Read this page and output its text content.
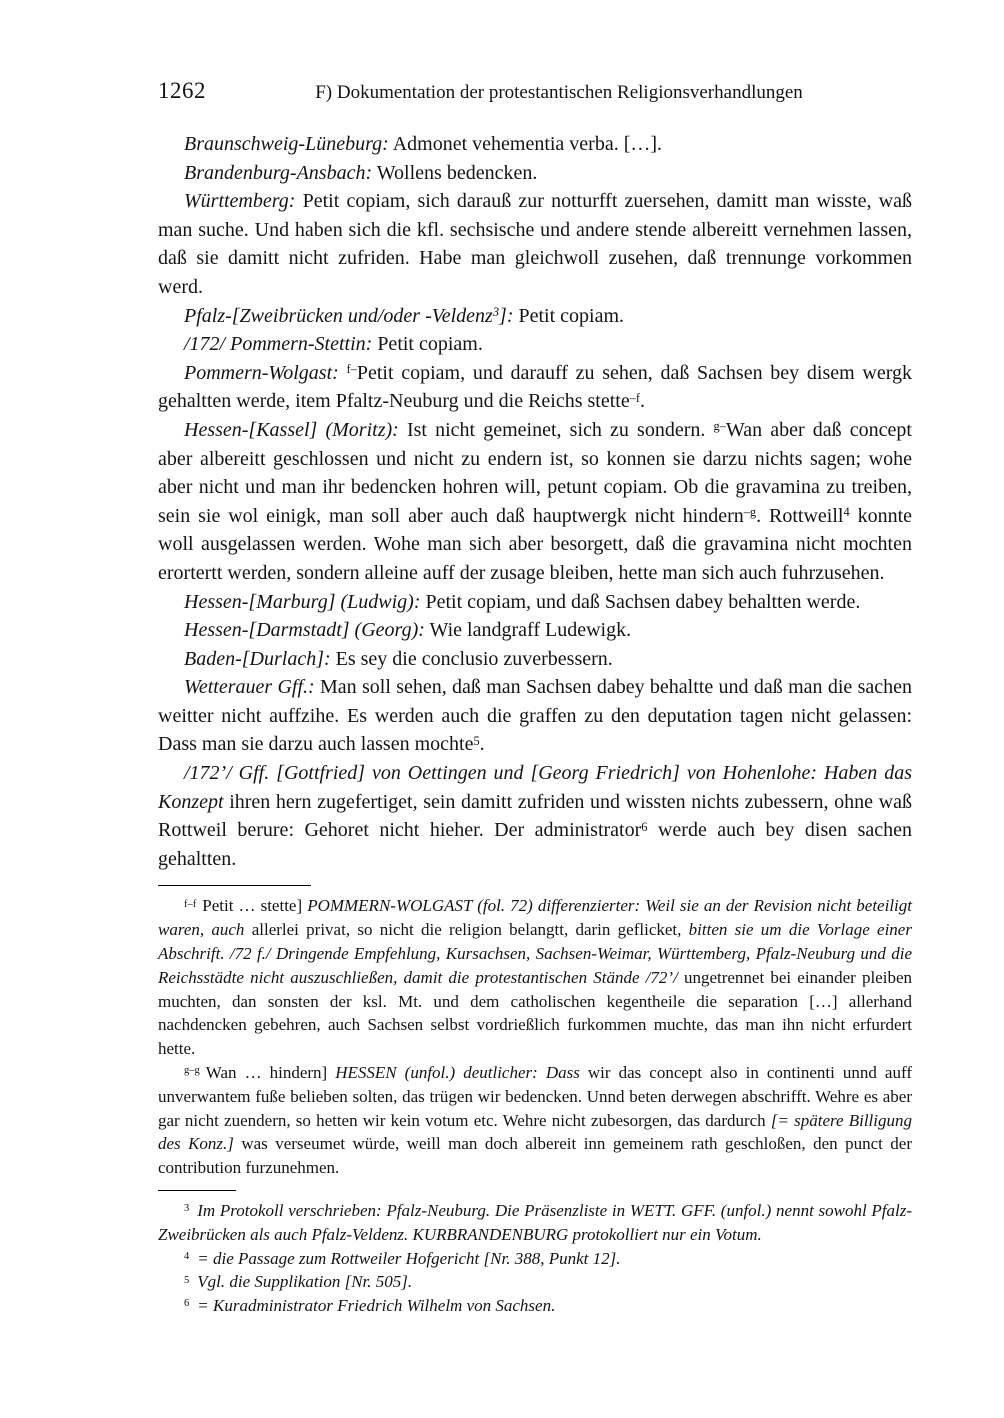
1262	F) Dokumentation der protestantischen Religionsverhandlungen

Braunschweig-Lüneburg: Admonet vehementia verba. […].

Brandenburg-Ansbach: Wollens bedencken.

Württemberg: Petit copiam, sich darauß zur notturfft zuersehen, damitt man wisste, waß man suche. Und haben sich die kfl. sechsische und andere stende albereitt vernehmen lassen, daß sie damitt nicht zufriden. Habe man gleichwoll zusehen, daß trennunge vorkommen werd.

Pfalz-[Zweibrücken und/oder -Veldenz$^3$]: Petit copiam.

/172/ Pommern-Stettin: Petit copiam.

Pommern-Wolgast: $^{f-}$Petit copiam, und darauff zu sehen, daß Sachsen bey disem wergk gehaltten werde, item Pfaltz-Neuburg und die Reichs stette$^{-f}$.

Hessen-[Kassel] (Moritz): Ist nicht gemeinet, sich zu sondern. $^{g-}$Wan aber daß concept aber albereitt geschlossen und nicht zu endern ist, so konnen sie darzu nichts sagen; wohe aber nicht und man ihr bedencken hohren will, petunt copiam. Ob die gravamina zu treiben, sein sie wol einigk, man soll aber auch daß hauptwergk nicht hindern$^{-g}$. Rottweill$^4$ konnte woll ausgelassen werden. Wohe man sich aber besorgett, daß die gravamina nicht mochten erortertt werden, sondern alleine auff der zusage bleiben, hette man sich auch fuhrzusehen.

Hessen-[Marburg] (Ludwig): Petit copiam, und daß Sachsen dabey behaltten werde.

Hessen-[Darmstadt] (Georg): Wie landgraff Ludewigk.

Baden-[Durlach]: Es sey die conclusio zuverbessern.

Wetterauer Gff.: Man soll sehen, daß man Sachsen dabey behaltte und daß man die sachen weitter nicht auffzihe. Es werden auch die graffen zu den deputation tagen nicht gelassen: Dass man sie darzu auch lassen mochte$^5$.

/172’/ Gff. [Gottfried] von Oettingen und [Georg Friedrich] von Hohenlohe: Haben das Konzept ihren hern zugefertiget, sein damitt zufriden und wissten nichts zubessern, ohne waß Rottweil berure: Gehoret nicht hieher. Der administrator$^6$ werde auch bey disen sachen gehaltten.

$^{f-f}$ Petit … stette] POMMERN-WOLGAST (fol. 72) differenzierter: Weil sie an der Revision nicht beteiligt waren, auch allerlei privat, so nicht die religion belangtt, darin geflicket, bitten sie um die Vorlage einer Abschrift. /72 f./ Dringende Empfehlung, Kursachsen, Sachsen-Weimar, Württemberg, Pfalz-Neuburg und die Reichsstädte nicht auszuschließen, damit die protestantischen Stände /72’/ ungetrennet bei einander pleiben muchten, dan sonsten der ksl. Mt. und dem catholischen kegentheile die separation […] allerhand nachdencken gebehren, auch Sachsen selbst vordrießlich furkommen muchte, das man ihn nicht erfurdert hette.

$^{g-g}$ Wan … hindern] HESSEN (unfol.) deutlicher: Dass wir das concept also in continenti unnd auff unverwantem fuße belieben solten, das trügen wir bedencken. Unnd beten derwegen abschrifft. Wehre es aber gar nicht zuendern, so hetten wir kein votum etc. Wehre nicht zubesorgen, das dardurch [= spätere Billigung des Konz.] was verseumet würde, weill man doch albereit inn gemeinem rath geschloßen, den punct der contribution furzunehmen.

$^3$ Im Protokoll verschrieben: Pfalz-Neuburg. Die Präsenzliste in WETT. GFF. (unfol.) nennt sowohl Pfalz-Zweibrücken als auch Pfalz-Veldenz. KURBRANDENBURG protokolliert nur ein Votum.

$^4$ = die Passage zum Rottweiler Hofgericht [Nr. 388, Punkt 12].

$^5$ Vgl. die Supplikation [Nr. 505].

$^6$ = Kuradministrator Friedrich Wilhelm von Sachsen.
